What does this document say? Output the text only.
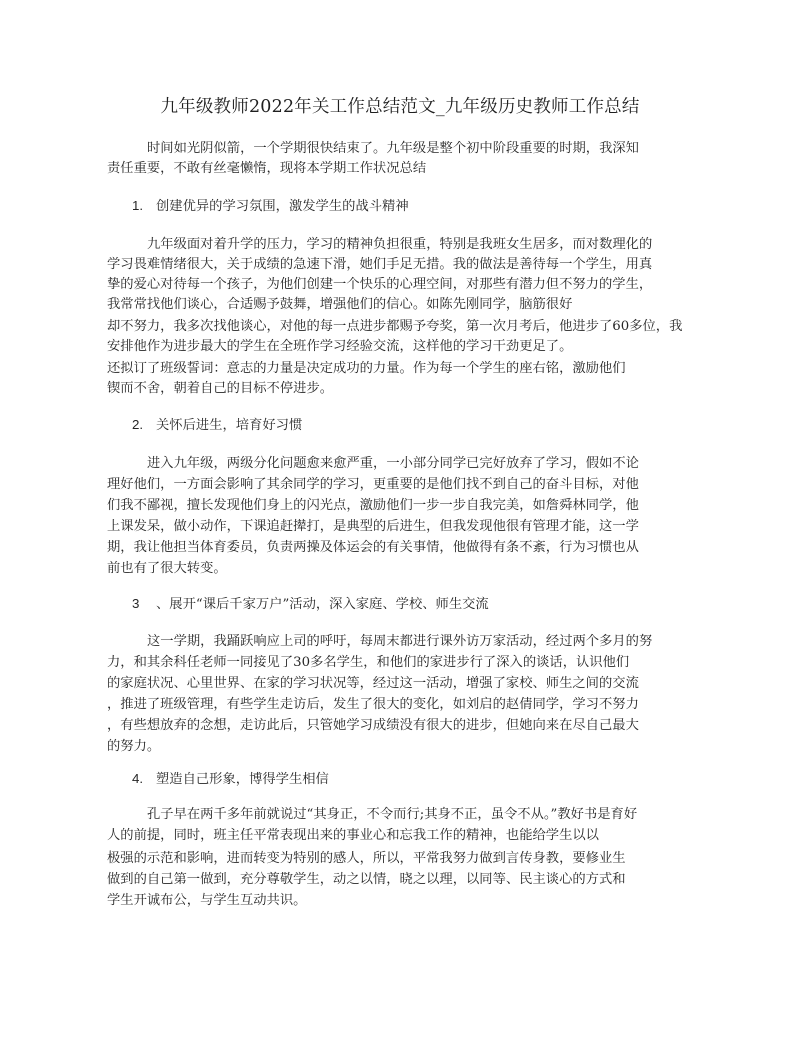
九年级教师2022年关工作总结范文_九年级历史教师工作总结
时间如光阴似箭，一个学期很快结束了。九年级是整个初中阶段重要的时期，我深知
责任重要，不敢有丝毫懒惰，现将本学期工作状况总结
1. 创建优异的学习氛围，激发学生的战斗精神
九年级面对着升学的压力，学习的精神负担很重，特别是我班女生居多，而对数理化的
学习畏难情绪很大，关于成绩的急速下滑，她们手足无措。我的做法是善待每一个学生，用真
挚的爱心对待每一个孩子，为他们创建一个快乐的心理空间，对那些有潜力但不努力的学生，
我常常找他们谈心，合适赐予鼓舞，增强他们的信心。如陈先刚同学，脑筋很好
却不努力，我多次找他谈心，对他的每一点进步都赐予夸奖，第一次月考后，他进步了60多位，我
安排他作为进步最大的学生在全班作学习经验交流，这样他的学习干劲更足了。
还拟订了班级誓词：意志的力量是决定成功的力量。作为每一个学生的座右铭，激励他们
锲而不舍，朝着自己的目标不停进步。
2. 关怀后进生，培育好习惯
进入九年级，两级分化问题愈来愈严重，一小部分同学已完好放弃了学习，假如不论
理好他们，一方面会影响了其余同学的学习，更重要的是他们找不到自己的奋斗目标，对他
们我不鄙视，擅长发现他们身上的闪光点，激励他们一步一步自我完美，如詹舜林同学，他
上课发呆，做小动作，下课追赶撵打，是典型的后进生，但我发现他很有管理才能，这一学
期，我让他担当体育委员，负责两操及体运会的有关事情，他做得有条不紊，行为习惯也从
前也有了很大转变。
3 、展开“课后千家万户”活动，深入家庭、学校、师生交流
这一学期，我踊跃响应上司的呼吁，每周末都进行课外访万家活动，经过两个多月的努
力，和其余科任老师一同接见了30多名学生，和他们的家进步行了深入的谈话，认识他们
的家庭状况、心里世界、在家的学习状况等，经过这一活动，增强了家校、师生之间的交流
，推进了班级管理，有些学生走访后，发生了很大的变化，如刘启的赵倩同学，学习不努力
，有些想放弃的念想，走访此后，只管她学习成绩没有很大的进步，但她向来在尽自己最大
的努力。
4. 塑造自己形象，博得学生相信
孔子早在两千多年前就说过“其身正，不令而行;其身不正，虽令不从。”教好书是育好
人的前提，同时，班主任平常表现出来的事业心和忘我工作的精神，也能给学生以以
极强的示范和影响，进而转变为特别的感人，所以，平常我努力做到言传身教，要修业生
做到的自己第一做到，充分尊敬学生，动之以情，晓之以理，以同等、民主谈心的方式和
学生开诚布公，与学生互动共识。
